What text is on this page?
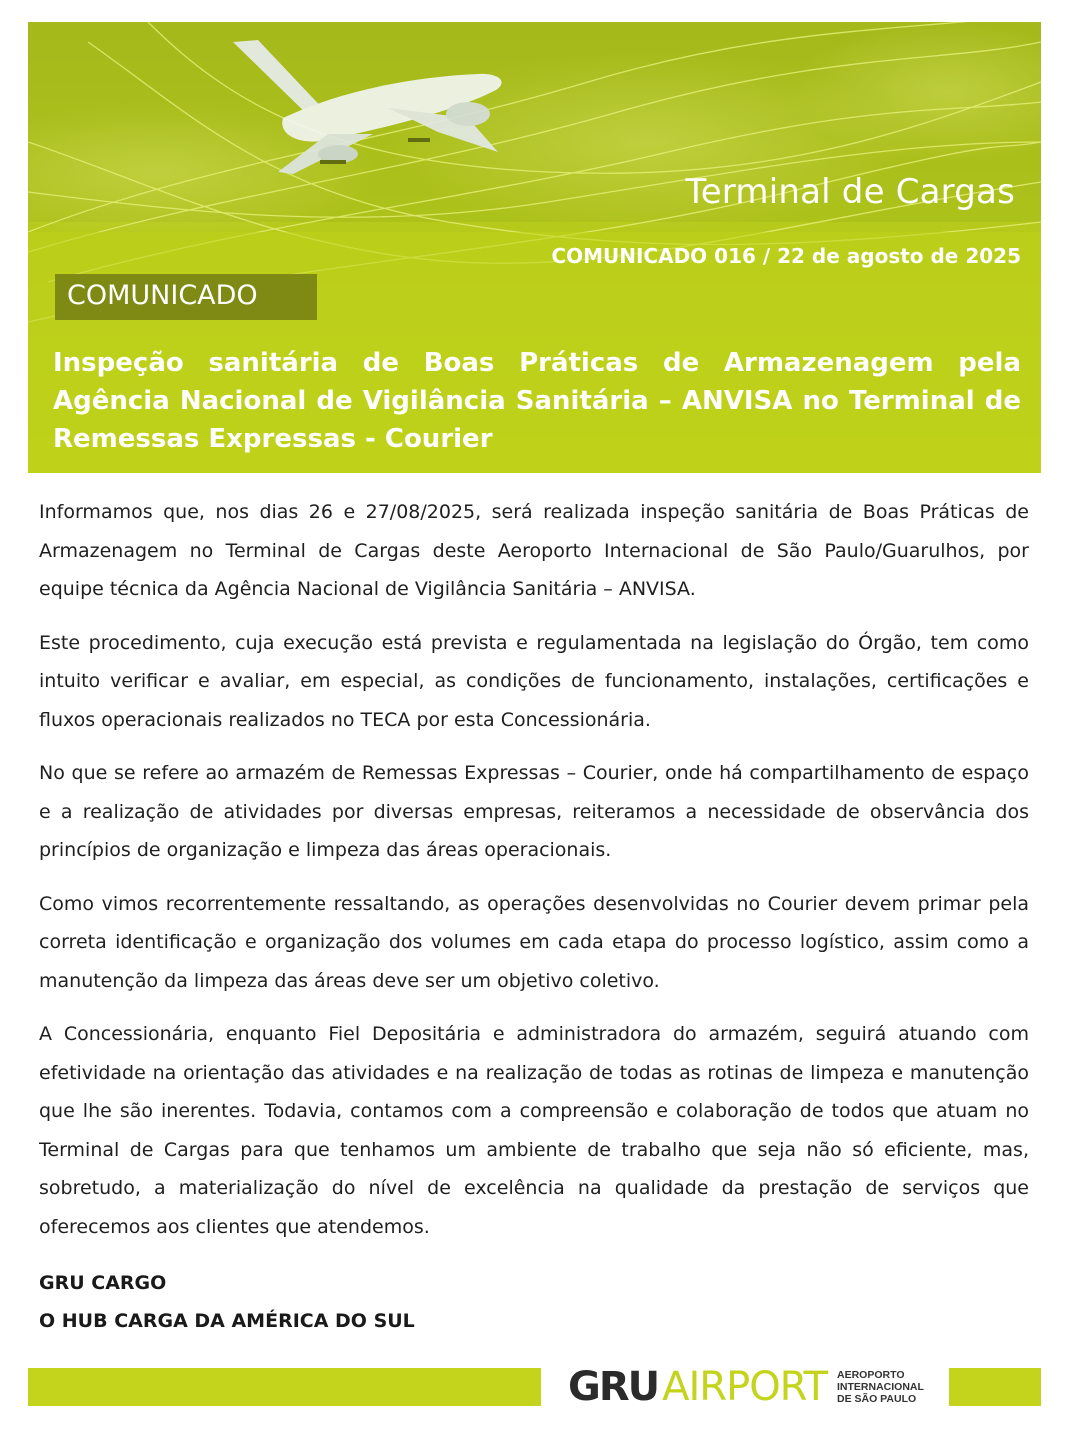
Terminal de Cargas
COMUNICADO 016 / 22 de agosto de 2025
COMUNICADO
Inspeção sanitária de Boas Práticas de Armazenagem pela Agência Nacional de Vigilância Sanitária – ANVISA no Terminal de Remessas Expressas - Courier

Informamos que, nos dias 26 e 27/08/2025, será realizada inspeção sanitária de Boas Práticas de Armazenagem no Terminal de Cargas deste Aeroporto Internacional de São Paulo/Guarulhos, por equipe técnica da Agência Nacional de Vigilância Sanitária – ANVISA.

Este procedimento, cuja execução está prevista e regulamentada na legislação do Órgão, tem como intuito verificar e avaliar, em especial, as condições de funcionamento, instalações, certificações e fluxos operacionais realizados no TECA por esta Concessionária.

No que se refere ao armazém de Remessas Expressas – Courier, onde há compartilhamento de espaço e a realização de atividades por diversas empresas, reiteramos a necessidade de observância dos princípios de organização e limpeza das áreas operacionais.

Como vimos recorrentemente ressaltando, as operações desenvolvidas no Courier devem primar pela correta identificação e organização dos volumes em cada etapa do processo logístico, assim como a manutenção da limpeza das áreas deve ser um objetivo coletivo.

A Concessionária, enquanto Fiel Depositária e administradora do armazém, seguirá atuando com efetividade na orientação das atividades e na realização de todas as rotinas de limpeza e manutenção que lhe são inerentes. Todavia, contamos com a compreensão e colaboração de todos que atuam no Terminal de Cargas para que tenhamos um ambiente de trabalho que seja não só eficiente, mas, sobretudo, a materialização do nível de excelência na qualidade da prestação de serviços que oferecemos aos clientes que atendemos.

GRU CARGO
O HUB CARGA DA AMÉRICA DO SUL
GRU AIRPORT AEROPORTO
INTERNACIONAL
DE SÃO PAULO
